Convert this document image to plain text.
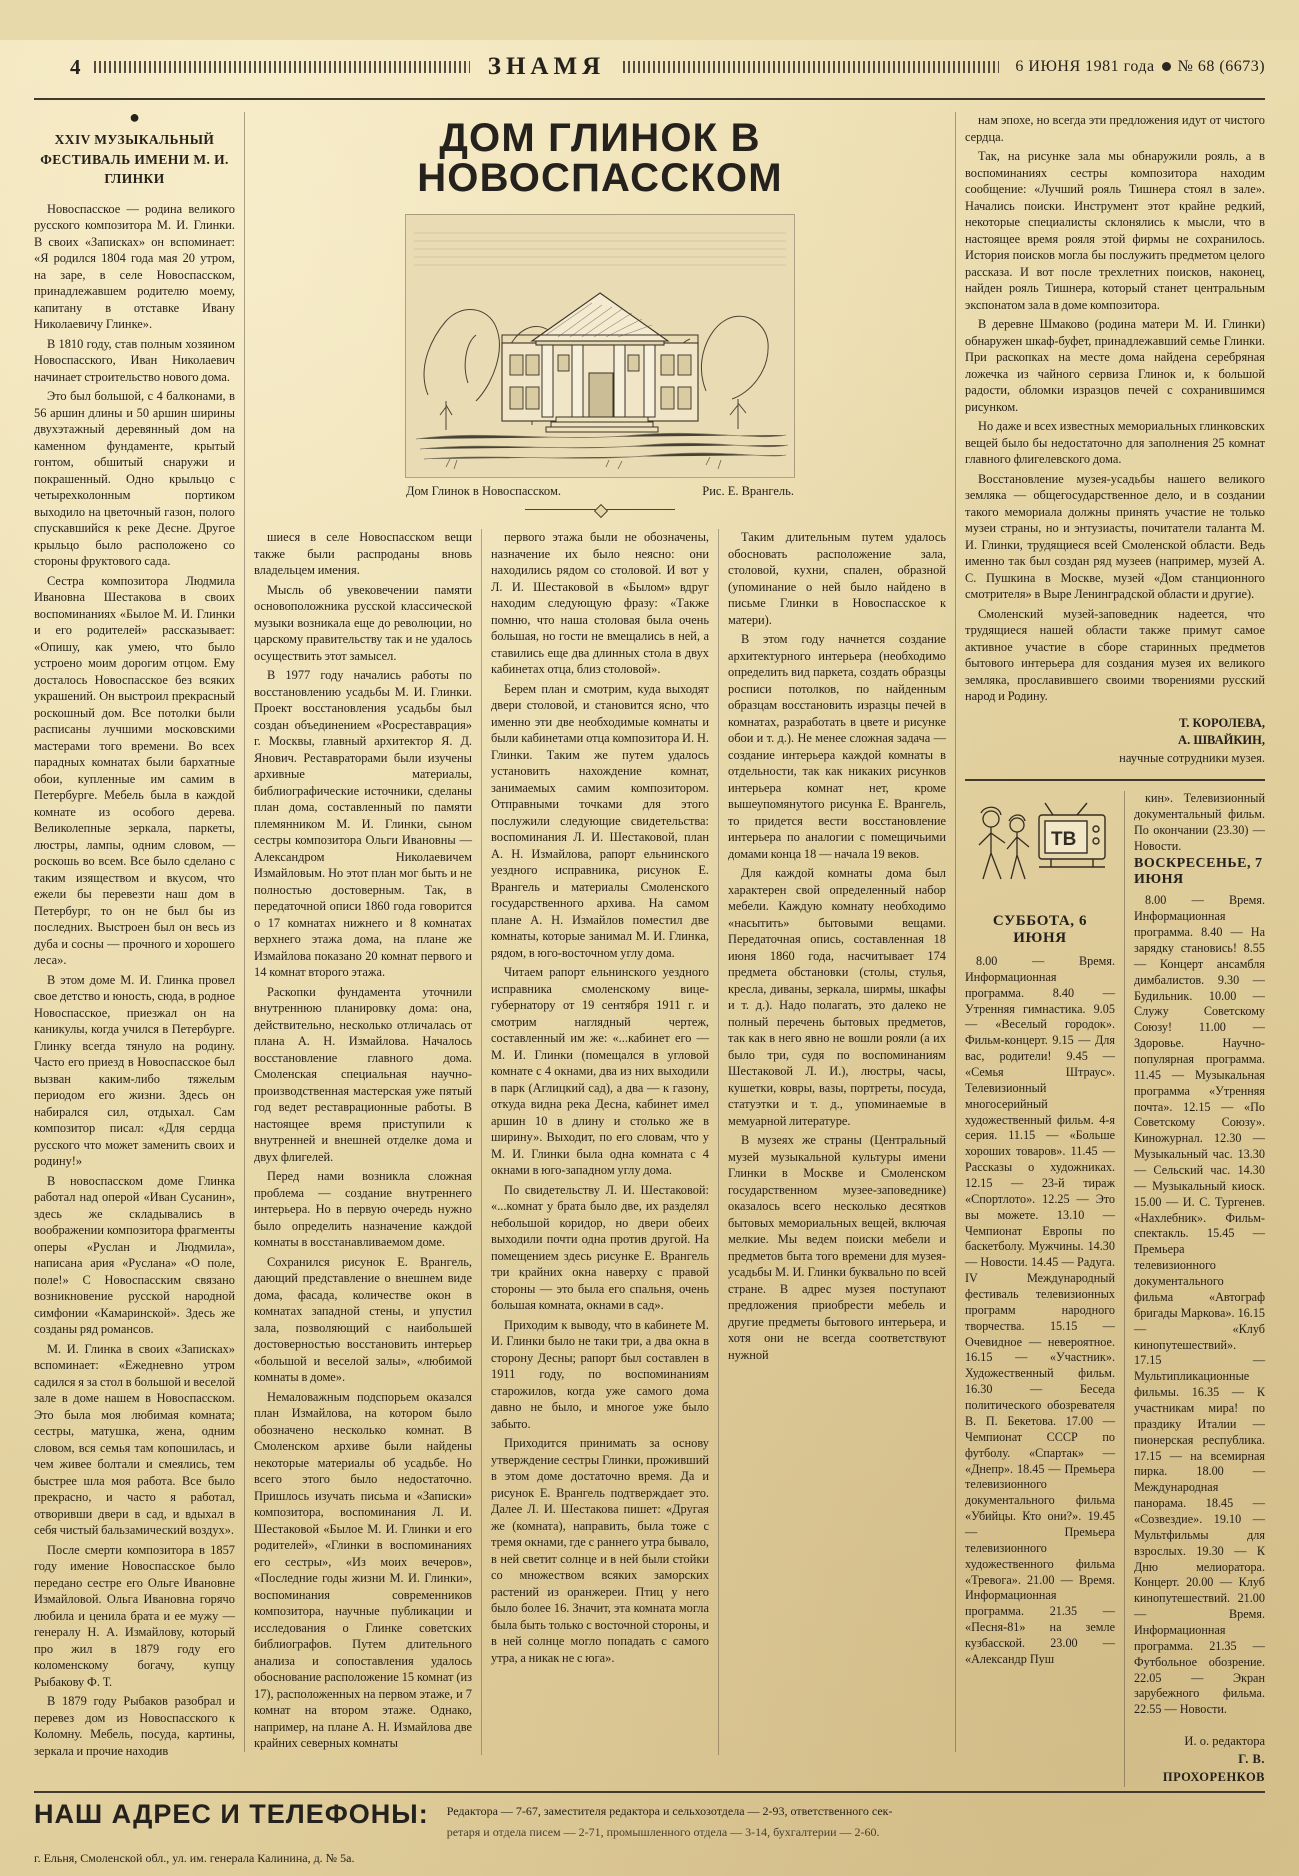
4	ЗНАМЯ	6 ИЮНЯ 1981 года № 68 (6673)
●
XXIV МУЗЫКАЛЬНЫЙ ФЕСТИВАЛЬ ИМЕНИ М. И. ГЛИНКИ

Новоспасское — родина великого русского композитора М. И. Глинки. В своих «Записках» он вспоминает: «Я родился 1804 года мая 20 утром, на заре, в селе Новоспасском, принадлежавшем родителю моему, капитану в отставке Ивану Николаевичу Глинке».

В 1810 году, став полным хозяином Новоспасского, Иван Николаевич начинает строительство нового дома.

Это был большой, с 4 балконами, в 56 аршин длины и 50 аршин ширины двухэтажный деревянный дом на каменном фундаменте, крытый гонтом, обшитый снаружи и покрашенный. Одно крыльцо с четырехколонным портиком выходило на цветочный газон, полого спускавшийся к реке Десне. Другое крыльцо было расположено со стороны фруктового сада.

Сестра композитора Людмила Ивановна Шестакова в своих воспоминаниях «Былое М. И. Глинки и его родителей» рассказывает: «Опишу, как умею, что было устроено моим дорогим отцом. Ему досталось Новоспасское без всяких украшений. Он выстроил прекрасный роскошный дом. Все потолки были расписаны лучшими московскими мастерами того времени. Во всех парадных комнатах были бархатные обои, купленные им самим в Петербурге. Мебель была в каждой комнате из особого дерева. Великолепные зеркала, паркеты, люстры, лампы, одним словом, — роскошь во всем. Все было сделано с таким изяществом и вкусом, что ежели бы перевезти наш дом в Петербург, то он не был бы из последних. Выстроен был он весь из дуба и сосны — прочного и хорошего леса».

В этом доме М. И. Глинка провел свое детство и юность, сюда, в родное Новоспасское, приезжал он на каникулы, когда учился в Петербурге. Глинку всегда тянуло на родину. Часто его приезд в Новоспасское был вызван каким-либо тяжелым периодом его жизни. Здесь он набирался сил, отдыхал. Сам композитор писал: «Для сердца русского что может заменить своих и родину!»

В новоспасском доме Глинка работал над оперой «Иван Сусанин», здесь же складывались в воображении композитора фрагменты оперы «Руслан и Людмила», написана ария «Руслана» «О поле, поле!» С Новоспасским связано возникновение русской народной симфонии «Камаринской». Здесь же созданы ряд романсов.

М. И. Глинка в своих «Записках» вспоминает: «Ежедневно утром садился я за стол в большой и веселой зале в доме нашем в Новоспасском. Это была моя любимая комната; сестры, матушка, жена, одним словом, вся семья там копошилась, и чем живее болтали и смеялись, тем быстрее шла моя работа. Все было прекрасно, и часто я работал, отворивши двери в сад, и вдыхал в себя чистый бальзамический воздух».

После смерти композитора в 1857 году имение Новоспасское было передано сестре его Ольге Ивановне Измайловой. Ольга Ивановна горячо любила и ценила брата и ее мужу — генералу Н. А. Измайлову, который про жил в 1879 году его коломенскому богачу, купцу Рыбакову Ф. Т.

В 1879 году Рыбаков разобрал и перевез дом из Новоспасского к Коломну. Мебель, посуда, картины, зеркала и прочие находив

ДОМ ГЛИНОК В НОВОСПАССКОМ
Дом Глинок в Новоспасском.	Рис. Е. Врангель.

шиеся в селе Новоспасском вещи также были распроданы вновь владельцем имения.

Мысль об увековечении памяти основоположника русской классической музыки возникала еще до революции, но царскому правительству так и не удалось осуществить этот замысел.

В 1977 году начались работы по восстановлению усадьбы М. И. Глинки. Проект восстановления усадьбы был создан объединением «Росреставрация» г. Москвы, главный архитектор Я. Д. Янович. Реставраторами были изучены архивные материалы, библиографические источники, сделаны план дома, составленный по памяти племянником М. И. Глинки, сыном сестры композитора Ольги Ивановны — Александром Николаевичем Измайловым. Но этот план мог быть и не полностью достоверным. Так, в передаточной описи 1860 года говорится о 17 комнатах нижнего и 8 комнатах верхнего этажа дома, на плане же Измайлова показано 20 комнат первого и 14 комнат второго этажа.

Раскопки фундамента уточнили внутреннюю планировку дома: она, действительно, несколько отличалась от плана А. Н. Измайлова. Началось восстановление главного дома. Смоленская специальная научно-производственная мастерская уже пятый год ведет реставрационные работы. В настоящее время приступили к внутренней и внешней отделке дома и двух флигелей.

Перед нами возникла сложная проблема — создание внутреннего интерьера. Но в первую очередь нужно было определить назначение каждой комнаты в восстанавливаемом доме.

Сохранился рисунок Е. Врангель, дающий представление о внешнем виде дома, фасада, количестве окон в комнатах западной стены, и упустил зала, позволяющий с наибольшей достоверностью восстановить интерьер «большой и веселой залы», «любимой комнаты в доме».

Немаловажным подспорьем оказался план Измайлова, на котором было обозначено несколько комнат. В Смоленском архиве были найдены некоторые материалы об усадьбе. Но всего этого было недостаточно. Пришлось изучать письма и «Записки» композитора, воспоминания Л. И. Шестаковой «Былое М. И. Глинки и его родителей», «Глинки в воспоминаниях его сестры», «Из моих вечеров», «Последние годы жизни М. И. Глинки», воспоминания современников композитора, научные публикации и исследования о Глинке советских библиографов. Путем длительного анализа и сопоставления удалось обоснование расположение 15 комнат (из 17), расположенных на первом этаже, и 7 комнат на втором этаже. Однако, например, на плане А. Н. Измайлова две крайних северных комнаты

первого этажа были не обозначены, назначение их было неясно: они находились рядом со столовой. И вот у Л. И. Шестаковой в «Былом» вдруг находим следующую фразу: «Также помню, что наша столовая была очень большая, но гости не вмещались в ней, а ставились еще два длинных стола в двух кабинетах отца, близ столовой».

Берем план и смотрим, куда выходят двери столовой, и становится ясно, что именно эти две необходимые комнаты и были кабинетами отца композитора И. Н. Глинки. Таким же путем удалось установить нахождение комнат, занимаемых самим композитором. Отправными точками для этого послужили следующие свидетельства: воспоминания Л. И. Шестаковой, план А. Н. Измайлова, рапорт ельнинского уездного исправника, рисунок Е. Врангель и материалы Смоленского государственного архива. На самом плане А. Н. Измайлов поместил две комнаты, которые занимал М. И. Глинка, рядом, в юго-восточном углу дома.

Читаем рапорт ельнинского уездного исправника смоленскому вице-губернатору от 19 сентября 1911 г. и смотрим наглядный чертеж, составленный им же: «...кабинет его — М. И. Глинки (помещался в угловой комнате с 4 окнами, два из них выходили в парк (Аглицкий сад), а два — к газону, откуда видна река Десна, кабинет имел аршин 10 в длину и столько же в ширину». Выходит, по его словам, что у М. И. Глинки была одна комната с 4 окнами в юго-западном углу дома.

По свидетельству Л. И. Шестаковой: «...комнат у брата было две, их разделял небольшой коридор, но двери обеих выходили почти одна против другой. На помещением здесь рисунке Е. Врангель три крайних окна наверху с правой стороны — это была его спальня, очень большая комната, окнами в сад».

Приходим к выводу, что в кабинете М. И. Глинки было не таки три, а два окна в сторону Десны; рапорт был составлен в 1911 году, по воспоминаниям старожилов, когда уже самого дома давно не было, и многое уже было забыто.

Приходится принимать за основу утверждение сестры Глинки, проживший в этом доме достаточно время. Да и рисунок Е. Врангель подтверждает это. Далее Л. И. Шестакова пишет: «Другая же (комната), направить, была тоже с тремя окнами, где с раннего утра бывало, в ней светит солнце и в ней были стойки со множеством всяких заморских растений из оранжереи. Птиц у него было более 16. Значит, эта комната могла была быть только с восточной стороны, и в ней солнце могло попадать с самого утра, а никак не с юга».

Таким длительным путем удалось обосновать расположение зала, столовой, кухни, спален, образной (упоминание о ней было найдено в письме Глинки в Новоспасское к матери).

В этом году начнется создание архитектурного интерьера (необходимо определить вид паркета, создать образцы росписи потолков, по найденным образцам восстановить изразцы печей в комнатах, разработать в цвете и рисунке обои и т. д.). Не менее сложная задача — создание интерьера каждой комнаты в отдельности, так как никаких рисунков интерьера комнат нет, кроме вышеупомянутого рисунка Е. Врангель, то придется вести восстановление интерьера по аналогии с помещичьими домами конца 18 — начала 19 веков.

Для каждой комнаты дома был характерен свой определенный набор мебели. Каждую комнату необходимо «насытить» бытовыми вещами. Передаточная опись, составленная 18 июня 1860 года, насчитывает 174 предмета обстановки (столы, стулья, кресла, диваны, зеркала, ширмы, шкафы и т. д.). Надо полагать, это далеко не полный перечень бытовых предметов, так как в него явно не вошли рояли (а их было три, судя по воспоминаниям Шестаковой Л. И.), люстры, часы, кушетки, ковры, вазы, портреты, посуда, статуэтки и т. д., упоминаемые в мемуарной литературе.

В музеях же страны (Центральный музей музыкальной культуры имени Глинки в Москве и Смоленском государственном музее-заповеднике) оказалось всего несколько десятков бытовых мемориальных вещей, включая мелкие. Мы ведем поиски мебели и предметов быта того времени для музея-усадьбы М. И. Глинки буквально по всей стране. В адрес музея поступают предложения приобрести мебель и другие предметы бытового интерьера, и хотя они не всегда соответствуют нужной

нам эпохе, но всегда эти предложения идут от чистого сердца.

Так, на рисунке зала мы обнаружили рояль, а в воспоминаниях сестры композитора находим сообщение: «Лучший рояль Тишнера стоял в зале». Начались поиски. Инструмент этот крайне редкий, некоторые специалисты склонялись к мысли, что в настоящее время рояля этой фирмы не сохранилось. История поисков могла бы послужить предметом целого рассказа. И вот после трехлетних поисков, наконец, найден рояль Тишнера, который станет центральным экспонатом зала в доме композитора.

В деревне Шмаково (родина матери М. И. Глинки) обнаружен шкаф-буфет, принадлежавший семье Глинки. При раскопках на месте дома найдена серебряная ложечка из чайного сервиза Глинок и, к большой радости, обломки изразцов печей с сохранившимся рисунком.

Но даже и всех известных мемориальных глинковских вещей было бы недостаточно для заполнения 25 комнат главного флигелевского дома.

Восстановление музея-усадьбы нашего великого земляка — общегосударственное дело, и в создании такого мемориала должны принять участие не только музеи страны, но и энтузиасты, почитатели таланта М. И. Глинки, трудящиеся всей Смоленской области. Ведь именно так был создан ряд музеев (например, музей А. С. Пушкина в Москве, музей «Дом станционного смотрителя» в Выре Ленинградской области и другие).

Смоленский музей-заповедник надеется, что трудящиеся нашей области также примут самое активное участие в сборе старинных предметов бытового интерьера для создания музея их великого земляка, прославившего своими творениями русский народ и Родину.

Т. КОРОЛЕВА,
А. ШВАЙКИН,
научные сотрудники музея.
ТВ
СУББОТА, 6 ИЮНЯ

8.00 — Время. Информационная программа. 8.40 — Утренняя гимнастика. 9.05 — «Веселый городок». Фильм-концерт. 9.15 — Для вас, родители! 9.45 — «Семья Штраус». Телевизионный многосерийный художественный фильм. 4-я серия. 11.15 — «Больше хороших товаров». 11.45 — Рассказы о художниках. 12.15 — 23-й тираж «Спортлото». 12.25 — Это вы можете. 13.10 — Чемпионат Европы по баскетболу. Мужчины. 14.30 — Новости. 14.45 — Радуга. IV Международный фестиваль телевизионных программ народного творчества. 15.15 — Очевидное — невероятное. 16.15 — «Участник». Художественный фильм. 16.30 — Беседа политического обозревателя В. П. Бекетова. 17.00 — Чемпионат СССР по футболу. «Спартак» — «Днепр». 18.45 — Премьера телевизионного документального фильма «Убийцы. Кто они?». 19.45 — Премьера телевизионного художественного фильма «Тревога». 21.00 — Время. Информационная программа. 21.35 — «Песня-81» на земле кузбасской. 23.00 — «Александр Пуш

кин». Телевизионный документальный фильм. По окончании (23.30) — Новости.

ВОСКРЕСЕНЬЕ, 7 ИЮНЯ

8.00 — Время. Информационная программа. 8.40 — На зарядку становись! 8.55 — Концерт ансамбля димбалистов. 9.30 — Будильник. 10.00 — Служу Советскому Союзу! 11.00 — Здоровье. Научно-популярная программа. 11.45 — Музыкальная программа «Утренняя почта». 12.15 — «По Советскому Союзу». Киножурнал. 12.30 — Музыкальный час. 13.30 — Сельский час. 14.30 — Музыкальный киоск. 15.00 — И. С. Тургенев. «Нахлебник». Фильм-спектакль. 15.45 — Премьера телевизионного документального фильма «Автограф бригады Маркова». 16.15 — «Клуб кинопутешествий». 17.15 — Мультипликационные фильмы. 16.35 — К участникам мира! по праздику Италии — пионерская республика. 17.15 — на всемирная пирка. 18.00 — Международная панорама. 18.45 — «Созвездие». 19.10 — Мультфильмы для взрослых. 19.30 — К Дню мелиоратора. Концерт. 20.00 — Клуб кинопутешествий. 21.00 — Время. Информационная программа. 21.35 — Футбольное обозрение. 22.05 — Экран зарубежного фильма. 22.55 — Новости.

И. о. редактора
Г. В. ПРОХОРЕНКОВ
НАШ АДРЕС И ТЕЛЕФОНЫ:	Редактора — 7-67, заместителя редактора и сельхозотдела — 2-93, ответственного сек-
ретаря и отдела писем — 2-71, промышленного отдела — 3-14, бухгалтерии — 2-60.
г. Ельня, Смоленской обл., ул. им. генерала Калинина, д. № 5а.
